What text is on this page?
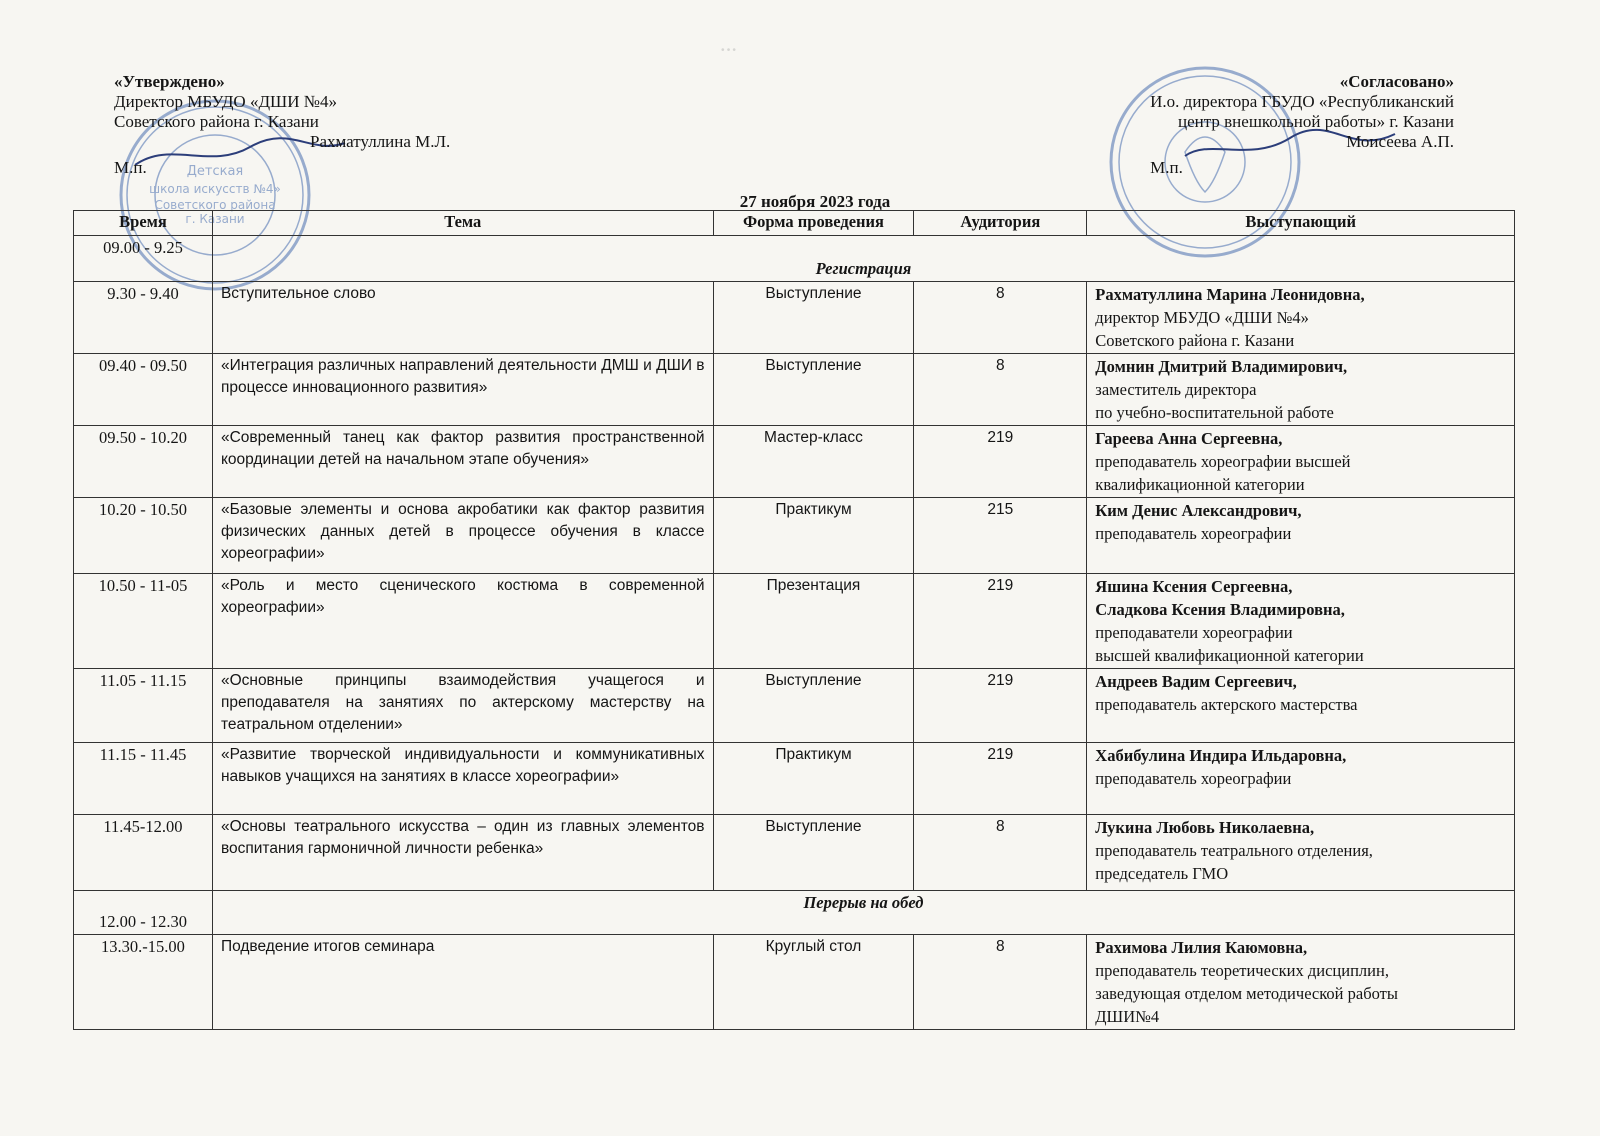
Детская
школа искусств №4»
Советского района
г. Казани
···
«Утверждено»
Директор МБУДО «ДШИ №4»
Советского района г. Казани
Рахматуллина М.Л.
М.п.
«Согласовано»
И.о. директора ГБУДО «Республиканский
центр внешкольной работы» г. Казани
Моисеева А.П.
М.п.
27 ноября 2023 года
Время	Тема	Форма проведения	Аудитория	Выступающий
09.00 - 9.25	Регистрация			
9.30 - 9.40	Вступительное слово	Выступление	8	Рахматуллина Марина Леонидовна,
директор МБУДО «ДШИ №4»
Советского района г. Казани

09.40 - 09.50	«Интеграция различных направлений деятельности ДМШ и ДШИ в процессе инновационного развития»	Выступление	8	Домнин Дмитрий Владимирович,
заместитель директора
по учебно-воспитательной работе

09.50 - 10.20	«Современный танец как фактор развития пространственной координации детей на начальном этапе обучения»	Мастер-класс	219	Гареева Анна Сергеевна,
преподаватель хореографии высшей
квалификационной категории

10.20 - 10.50	«Базовые элементы и основа акробатики как фактор развития физических данных детей в процессе обучения в классе хореографии»	Практикум	215	Ким Денис Александрович,
преподаватель хореографии

10.50 - 11-05	«Роль и место сценического костюма в современной хореографии»	Презентация	219	Яшина Ксения Сергеевна,
Сладкова Ксения Владимировна,
преподаватели хореографии
высшей квалификационной категории

11.05 - 11.15	«Основные принципы взаимодействия учащегося и преподавателя на занятиях по актерскому мастерству на театральном отделении»	Выступление	219	Андреев Вадим Сергеевич,
преподаватель актерского мастерства

11.15 - 11.45	«Развитие творческой индивидуальности и коммуникативных навыков учащихся на занятиях в классе хореографии»	Практикум	219	Хабибулина Индира Ильдаровна,
преподаватель хореографии

11.45-12.00	«Основы театрального искусства – один из главных элементов воспитания гармоничной личности ребенка»	Выступление	8	Лукина Любовь Николаевна,
преподаватель театрального отделения,
председатель ГМО

12.00 - 12.30	Перерыв на обед			
13.30.-15.00	Подведение итогов семинара	Круглый стол	8	Рахимова Лилия Каюмовна,
преподаватель теоретических дисциплин,
заведующая отделом методической работы
ДШИ№4
